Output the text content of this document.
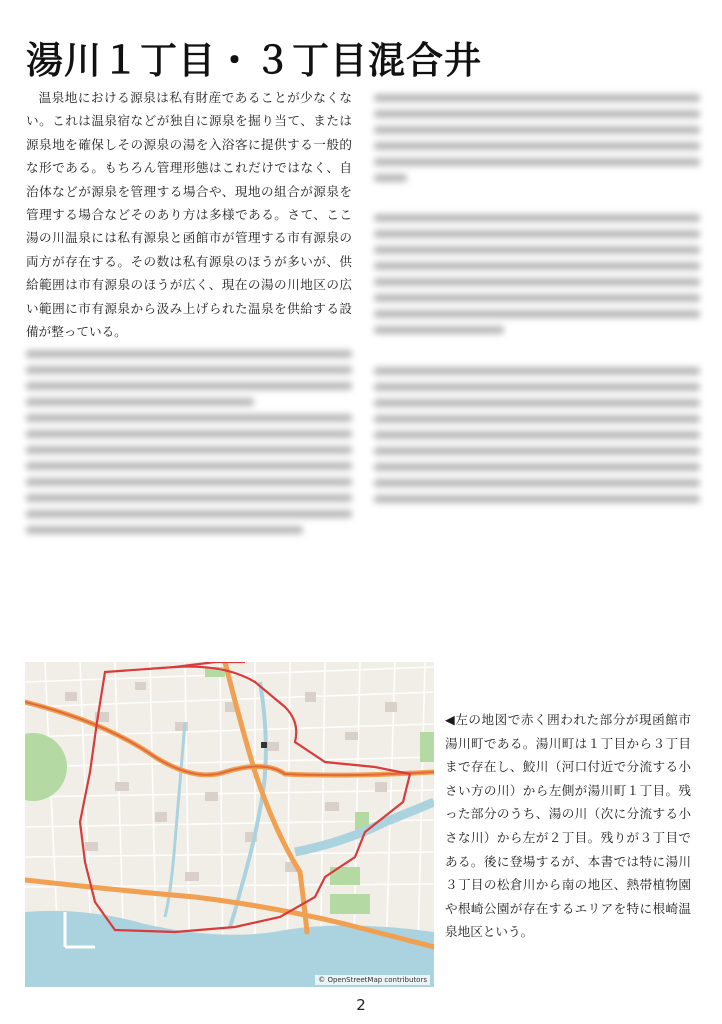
湯川１丁目・３丁目混合井

温泉地における源泉は私有財産であることが少なくない。これは温泉宿などが独自に源泉を掘り当て、または源泉地を確保しその源泉の湯を入浴客に提供する一般的な形である。もちろん管理形態はこれだけではなく、自治体などが源泉を管理する場合や、現地の組合が源泉を管理する場合などそのあり方は多様である。さて、ここ湯の川温泉には私有源泉と函館市が管理する市有源泉の両方が存在する。その数は私有源泉のほうが多いが、供給範囲は市有源泉のほうが広く、現在の湯の川地区の広い範囲に市有源泉から汲み上げられた温泉を供給する設備が整っている。

© OpenStreetMap contributors
◀左の地図で赤く囲われた部分が現函館市湯川町である。湯川町は１丁目から３丁目まで存在し、鮫川（河口付近で分流する小さい方の川）から左側が湯川町１丁目。残った部分のうち、湯の川（次に分流する小さな川）から左が２丁目。残りが３丁目である。後に登場するが、本書では特に湯川３丁目の松倉川から南の地区、熱帯植物園や根崎公園が存在するエリアを特に根崎温泉地区という。
2
